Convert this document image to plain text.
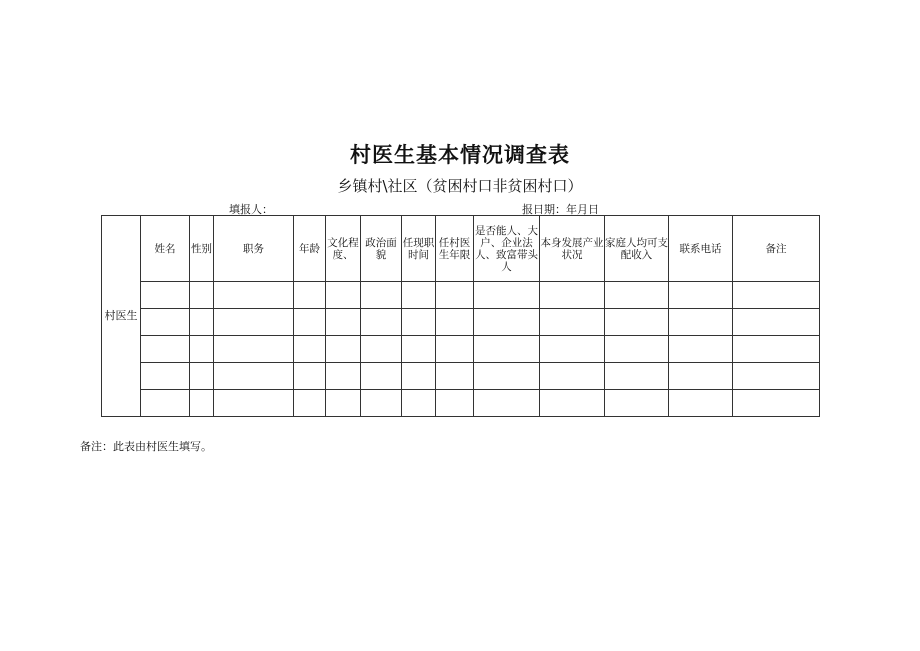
村医生基本情况调查表
乡镇村\社区（贫困村口非贫困村口）
填报人：	报日期：年月日
村医生	姓名	性别	职务	年龄	文化程度、	政治面貌	任现职时间	任村医生年限	是否能人、大户、企业法人、致富带头人	本身发展产业状况	家庭人均可支配收入	联系电话	备注

备注：此表由村医生填写。
